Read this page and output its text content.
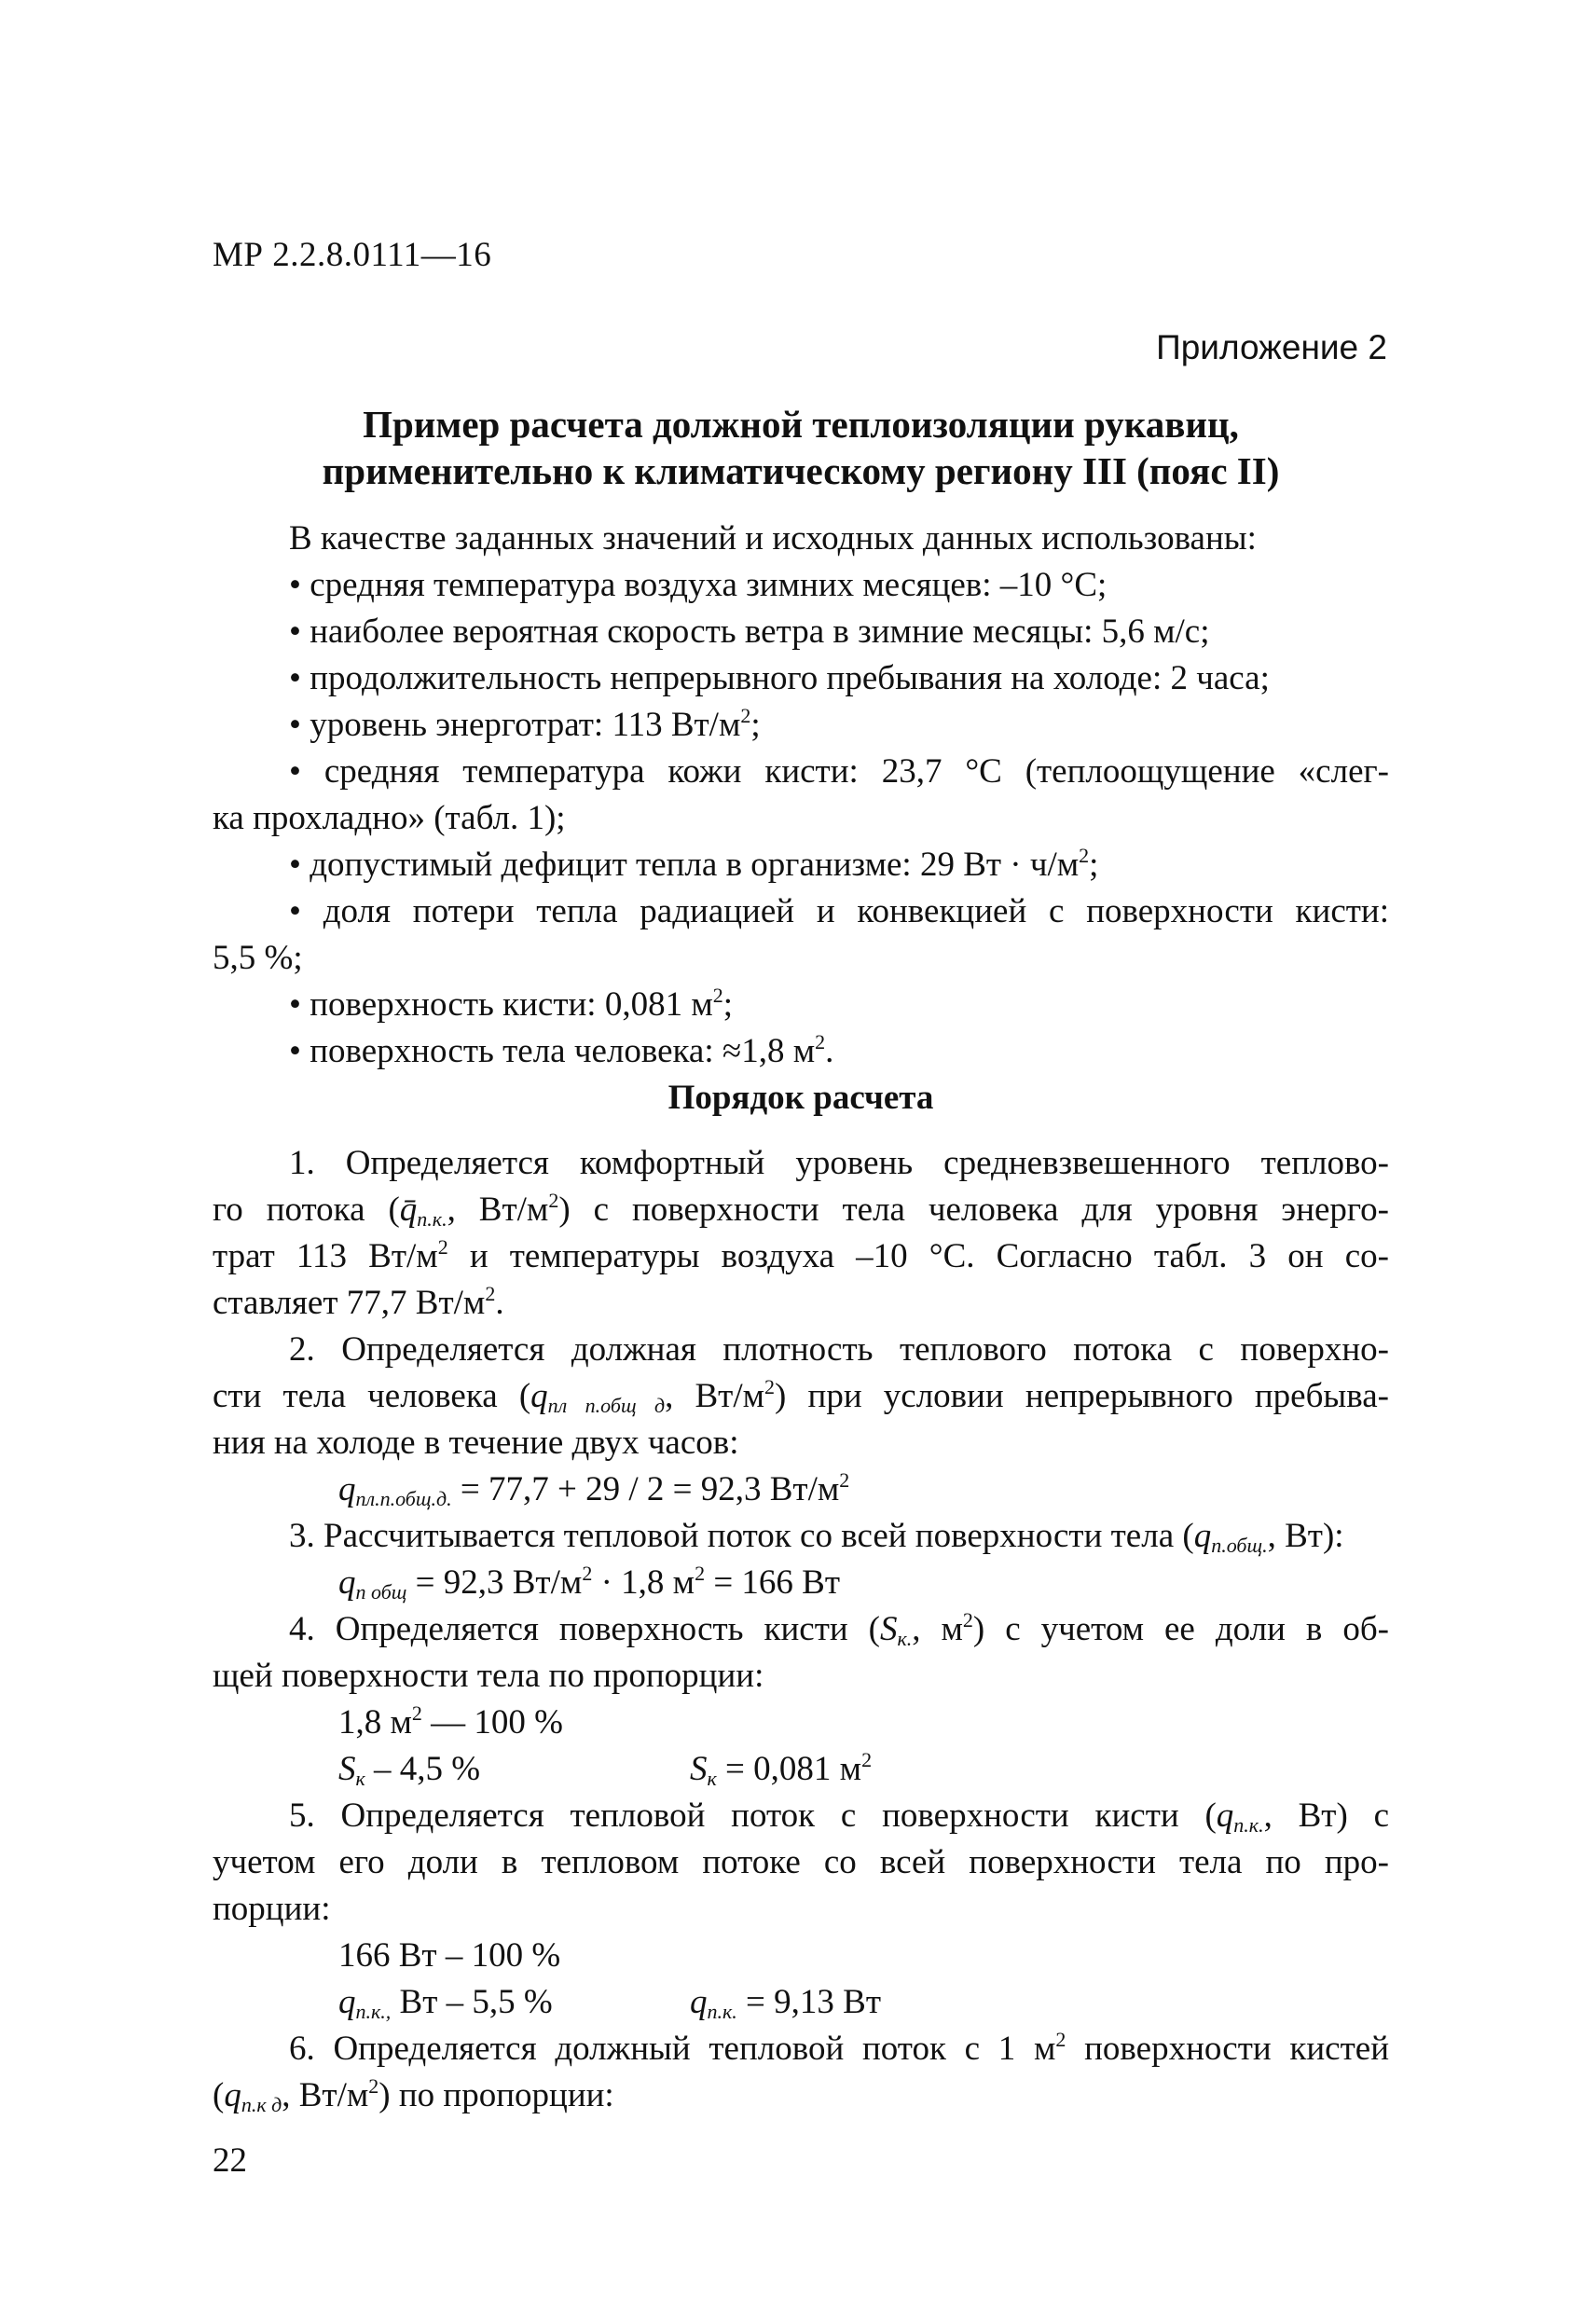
МР 2.2.8.0111—16
Приложение 2
Пример расчета должной теплоизоляции рукавиц,
применительно к климатическому региону III (пояс II)
В качестве заданных значений и исходных данных использованы:
• средняя температура воздуха зимних месяцев: –10 °С;
• наиболее вероятная скорость ветра в зимние месяцы: 5,6 м/с;
• продолжительность непрерывного пребывания на холоде: 2 часа;
• уровень энерготрат: 113 $Вт/м^2$;
• средняя температура кожи кисти: 23,7 °С (теплоощущение «слег-
ка прохладно» (табл. 1);
• допустимый дефицит тепла в организме: 29 Вт · $ч/м^2$;
• доля потери тепла радиацией и конвекцией с поверхности кисти:
5,5 %;
• поверхность кисти: 0,081 $м^2$;
• поверхность тела человека: ≈1,8 $м^2$.
Порядок расчета
1. Определяется комфортный уровень средневзвешенного теплово-
го потока ($q̄_{п.к.}$, $Вт/м^2$) с поверхности тела человека для уровня энерго-
трат 113 $Вт/м^2$ и температуры воздуха –10 °С. Согласно табл. 3 он со-
ставляет 77,7 $Вт/м^2$.
2. Определяется должная плотность теплового потока с поверхно-
сти тела человека ($q_{пл п.общ д}$, $Вт/м^2$) при условии непрерывного пребыва-
ния на холоде в течение двух часов:
$q_{пл.п.общ.д.} = 77,7 + 29 / 2 = 92,3$ $Вт/м^2$
3. Рассчитывается тепловой поток со всей поверхности тела ($q_{п.общ.}$, Вт):
$q_{п общ} = 92,3$ $Вт/м^2 \cdot 1,8$ $м^2 = 166$ Вт
4. Определяется поверхность кисти ($S_{к.}$, $м^2$) с учетом ее доли в об-
щей поверхности тела по пропорции:
1,8 $м^2$ — 100 %
$S_к - 4,5$ %	$S_к = 0,081$ $м^2$
5. Определяется тепловой поток с поверхности кисти ($q_{п.к.}$, Вт) с
учетом его доли в тепловом потоке со всей поверхности тела по про-
порции:
166 Вт – 100 %
$q_{п.к.,}$ Вт – 5,5 %	$q_{п.к.} = 9,13$ Вт
6. Определяется должный тепловой поток с 1 $м^2$ поверхности кистей
($q_{п.к д}$, $Вт/м^2$) по пропорции:
22
